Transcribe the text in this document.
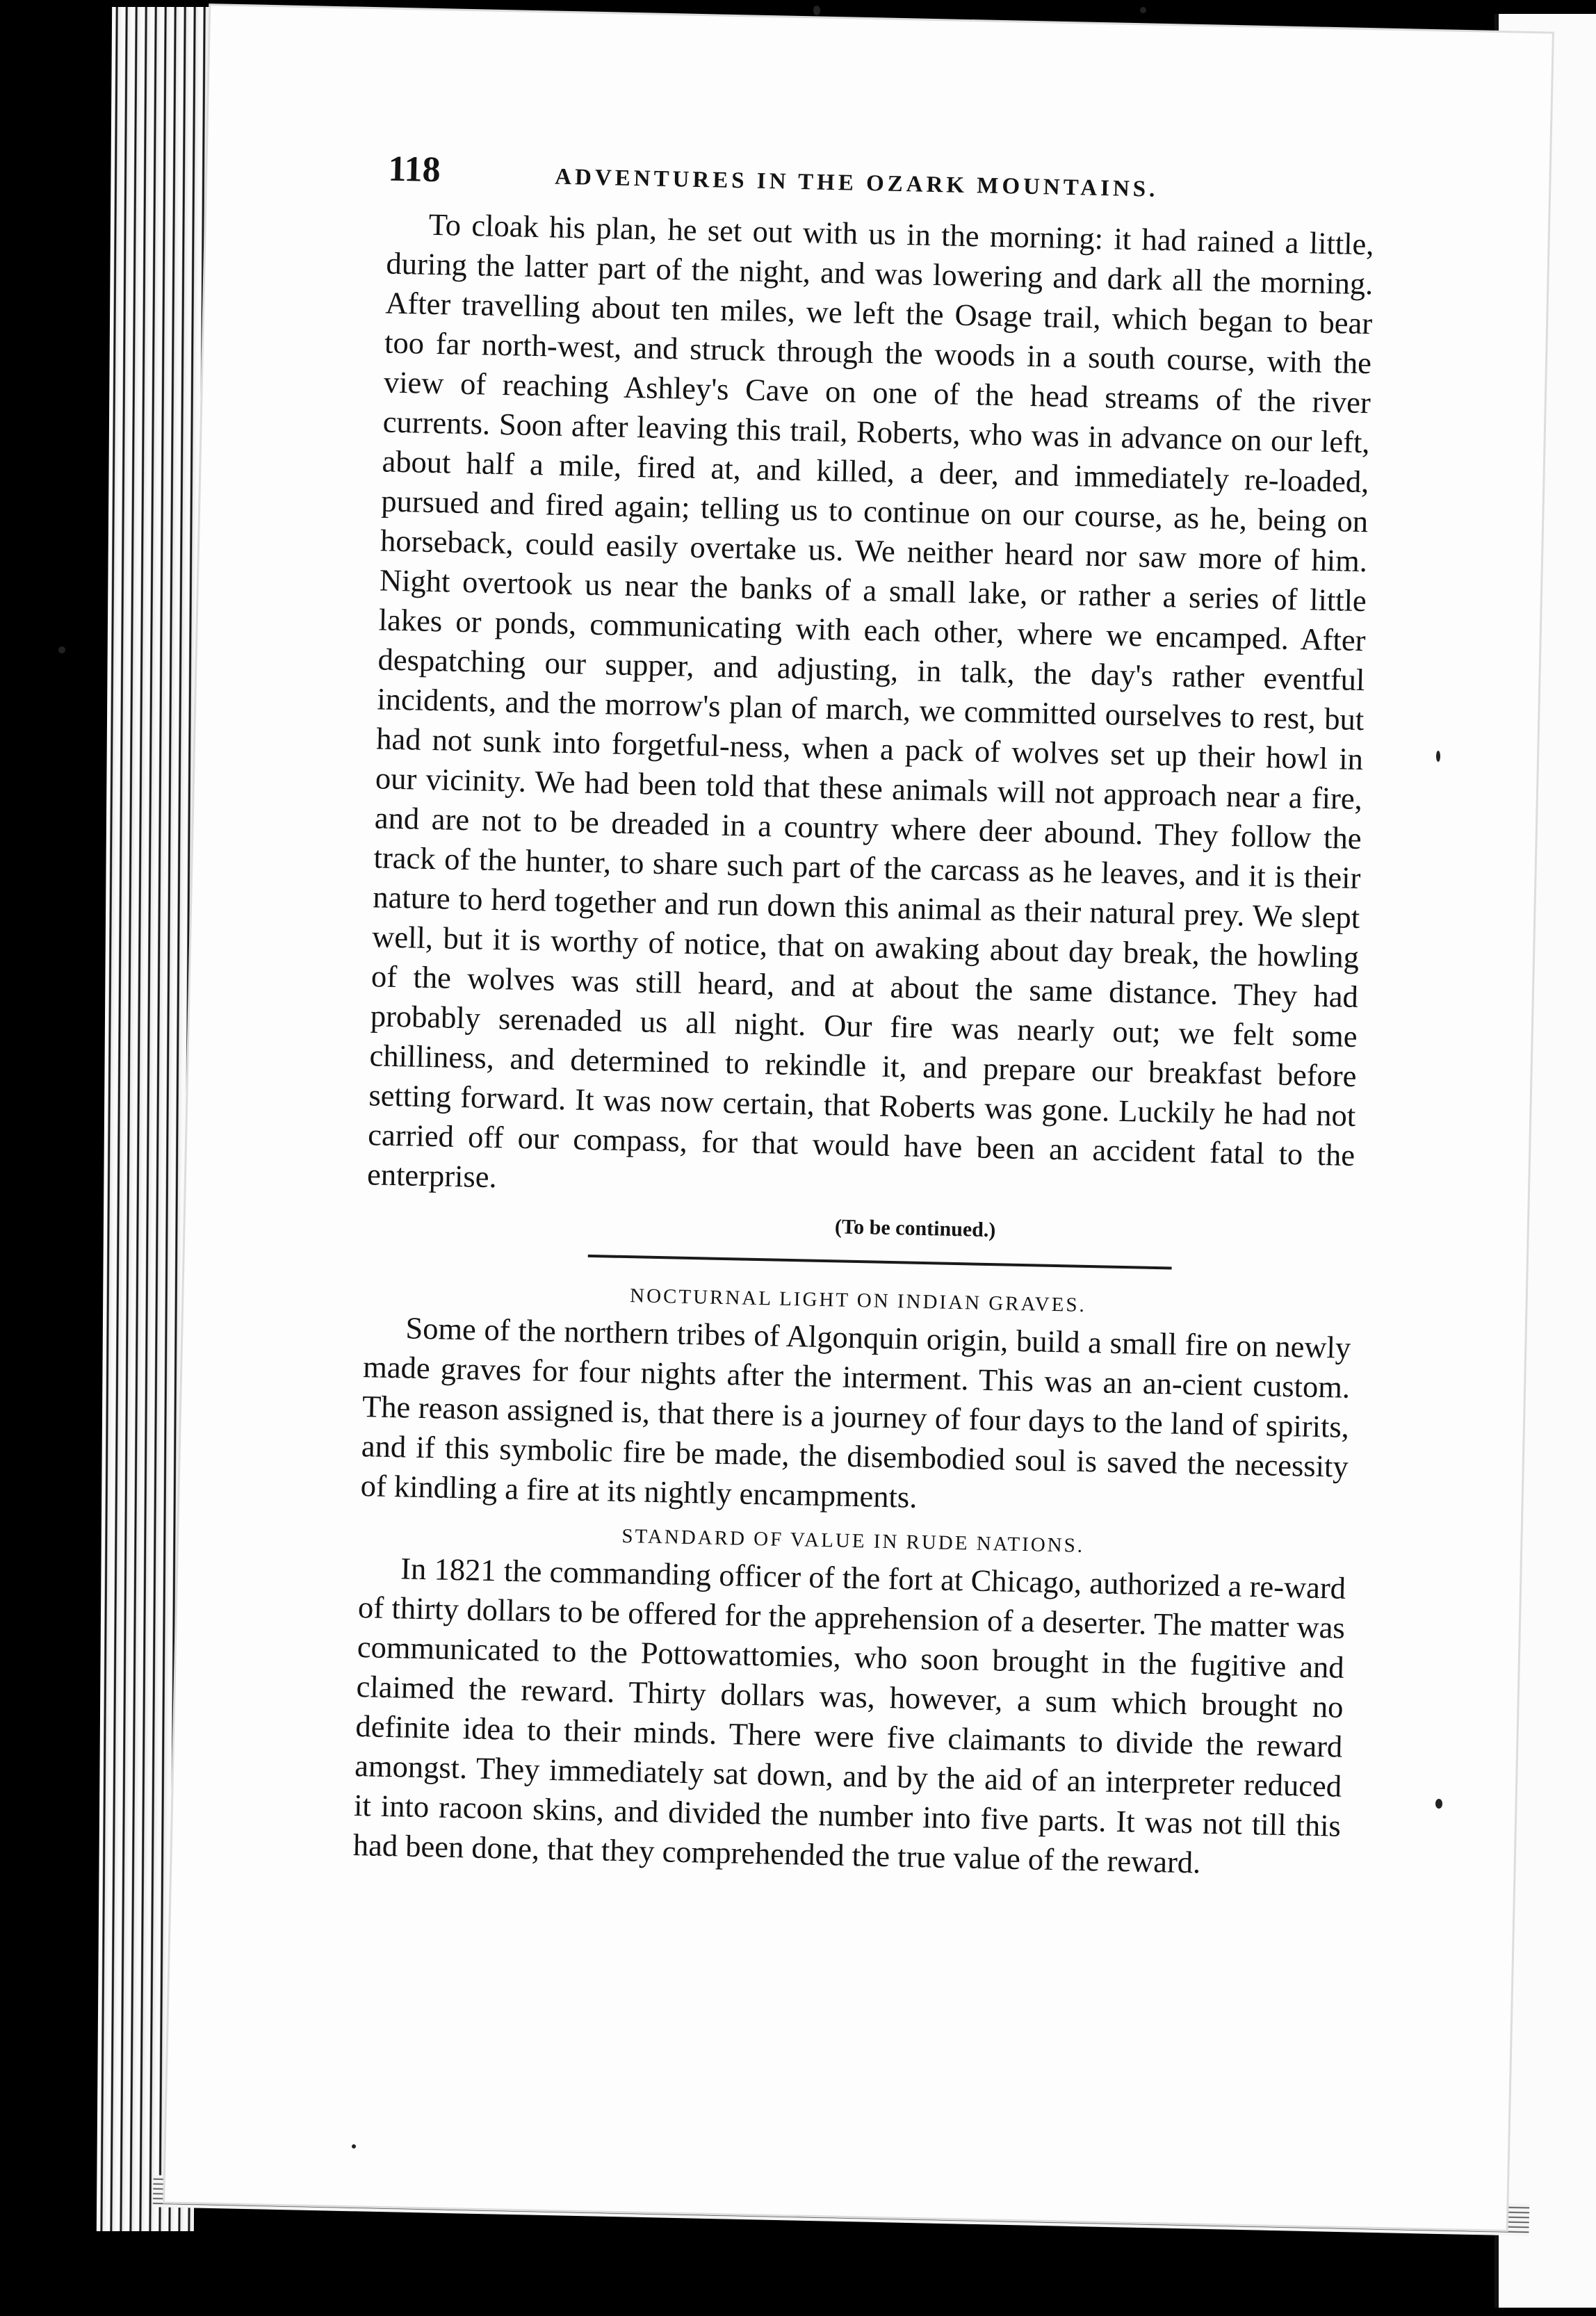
118	ADVENTURES IN THE OZARK MOUNTAINS.

To cloak his plan, he set out with us in the morning: it had rained a little, during the latter part of the night, and was lowering and dark all the morning. After travelling about ten miles, we left the Osage trail, which began to bear too far north-west, and struck through the woods in a south course, with the view of reaching Ashley's Cave on one of the head streams of the river currents. Soon after leaving this trail, Roberts, who was in advance on our left, about half a mile, fired at, and killed, a deer, and immediately re-loaded, pursued and fired again; telling us to continue on our course, as he, being on horseback, could easily overtake us. We neither heard nor saw more of him. Night overtook us near the banks of a small lake, or rather a series of little lakes or ponds, communicating with each other, where we encamped. After despatching our supper, and adjusting, in talk, the day's rather eventful incidents, and the morrow's plan of march, we committed ourselves to rest, but had not sunk into forgetful-ness, when a pack of wolves set up their howl in our vicinity. We had been told that these animals will not approach near a fire, and are not to be dreaded in a country where deer abound. They follow the track of the hunter, to share such part of the carcass as he leaves, and it is their nature to herd together and run down this animal as their natural prey. We slept well, but it is worthy of notice, that on awaking about day break, the howling of the wolves was still heard, and at about the same distance. They had probably serenaded us all night. Our fire was nearly out; we felt some chilliness, and determined to rekindle it, and prepare our breakfast before setting forward. It was now certain, that Roberts was gone. Luckily he had not carried off our compass, for that would have been an accident fatal to the enterprise.

(To be continued.)
NOCTURNAL LIGHT ON INDIAN GRAVES.

Some of the northern tribes of Algonquin origin, build a small fire on newly made graves for four nights after the interment. This was an an-cient custom. The reason assigned is, that there is a journey of four days to the land of spirits, and if this symbolic fire be made, the disembodied soul is saved the necessity of kindling a fire at its nightly encampments.

STANDARD OF VALUE IN RUDE NATIONS.

In 1821 the commanding officer of the fort at Chicago, authorized a re-ward of thirty dollars to be offered for the apprehension of a deserter. The matter was communicated to the Pottowattomies, who soon brought in the fugitive and claimed the reward. Thirty dollars was, however, a sum which brought no definite idea to their minds. There were five claimants to divide the reward amongst. They immediately sat down, and by the aid of an interpreter reduced it into racoon skins, and divided the number into five parts. It was not till this had been done, that they comprehended the true value of the reward.
